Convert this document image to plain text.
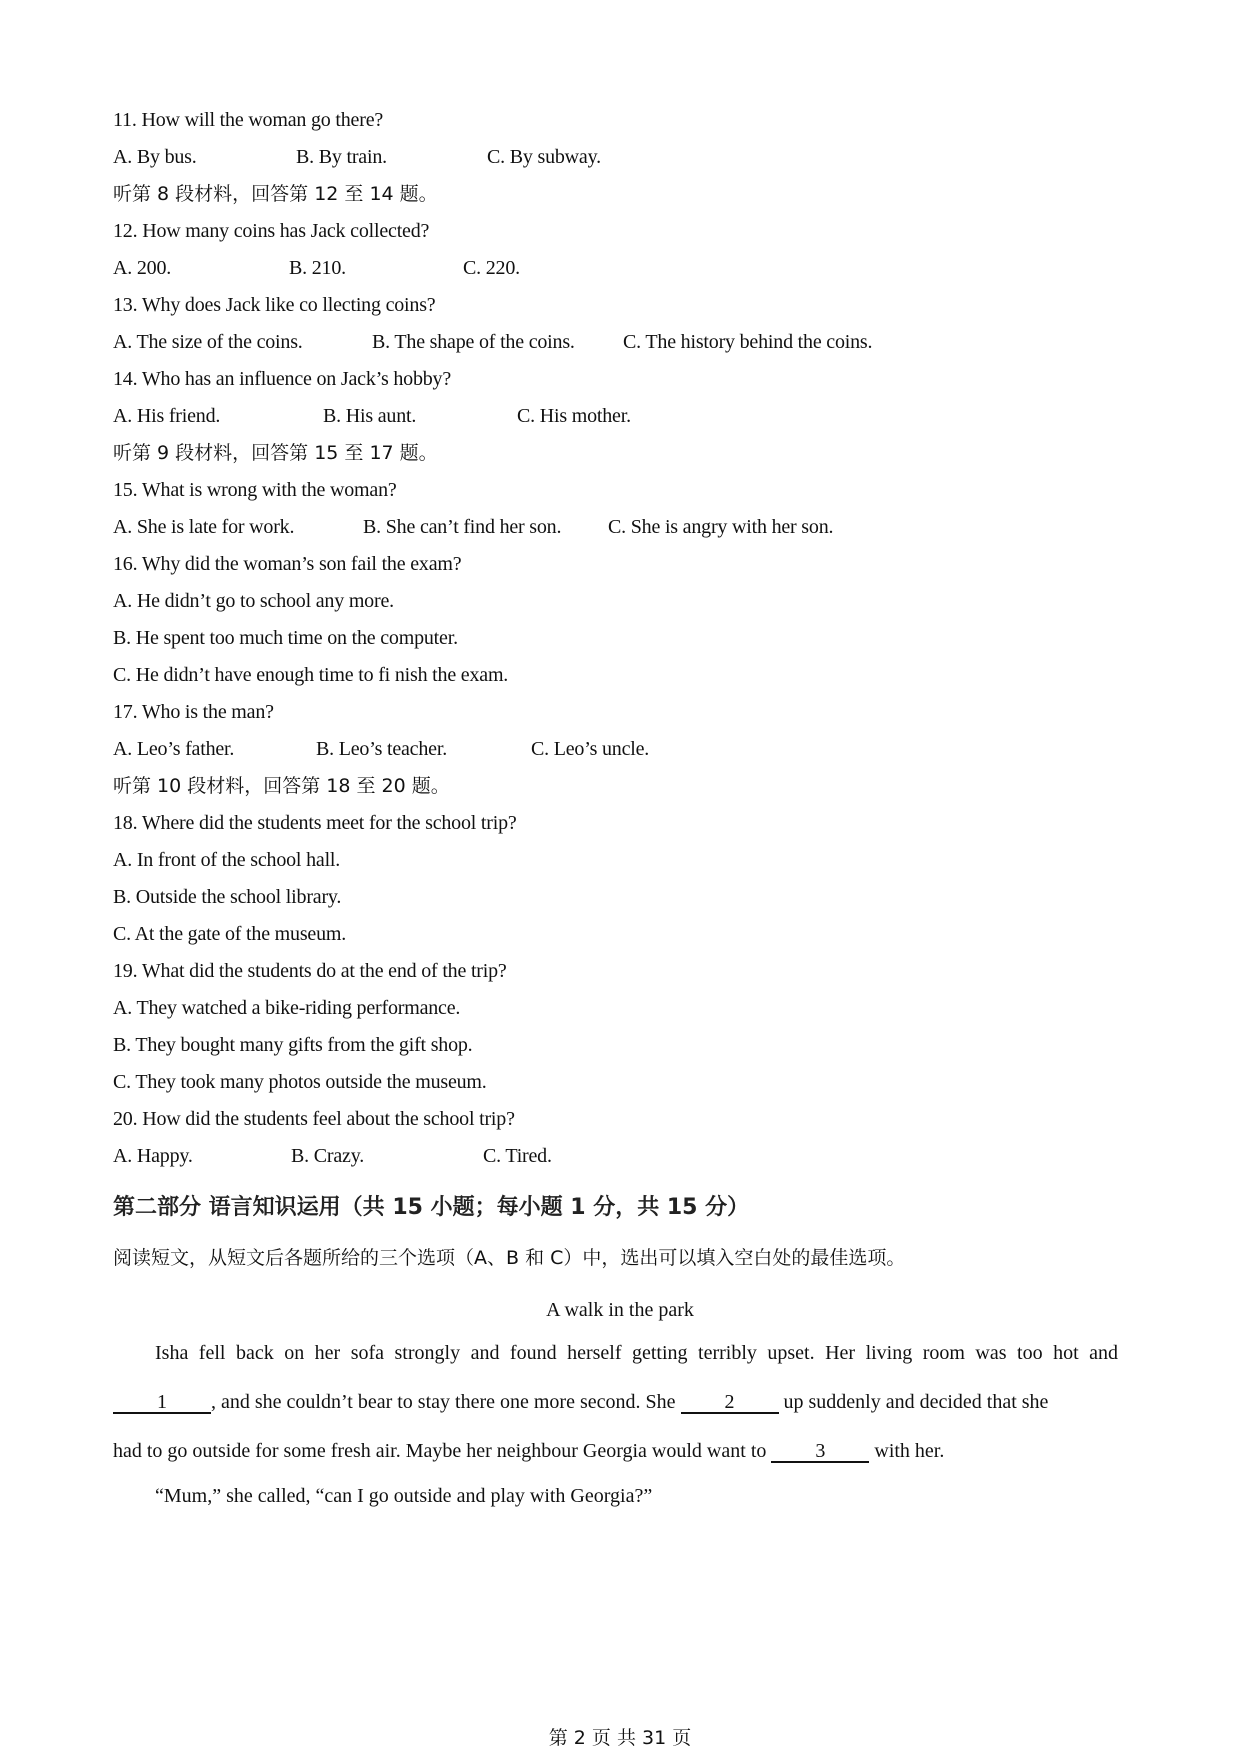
11. How will the woman go there?
A. By bus.	B. By train.	C. By subway.
听第 8 段材料，回答第 12 至 14 题。
12. How many coins has Jack collected?
A. 200.	B. 210.	C. 220.
13. Why does Jack like co llecting coins?
A. The size of the coins.	B. The shape of the coins. C. The history behind the coins.
14. Who has an influence on Jack’s hobby?
A. His friend.	B. His aunt.	C. His mother.
听第 9 段材料，回答第 15 至 17 题。
15. What is wrong with the woman?
A. She is late for work.	B. She can’t find her son. C. She is angry with her son.
16. Why did the woman’s son fail the exam?
A. He didn’t go to school any more.
B. He spent too much time on the computer.
C. He didn’t have enough time to fi nish the exam.
17. Who is the man?
A. Leo’s father.	B. Leo’s teacher.	C. Leo’s uncle.
听第 10 段材料，回答第 18 至 20 题。
18. Where did the students meet for the school trip?
A. In front of the school hall.
B. Outside the school library.
C. At the gate of the museum.
19. What did the students do at the end of the trip?
A. They watched a bike-riding performance.
B. They bought many gifts from the gift shop.
C. They took many photos outside the museum.
20. How did the students feel about the school trip?
A. Happy.	B. Crazy.	C. Tired.
第二部分 语言知识运用（共 15 小题；每小题 1 分，共 15 分）
阅读短文，从短文后各题所给的三个选项（A、B 和 C）中，选出可以填入空白处的最佳选项。
A walk in the park
Isha fell back on her sofa strongly and found herself getting terribly upset. Her living room was too hot and
1 , and she couldn’t bear to stay there one more second. She 2 up suddenly and decided that she
had to go outside for some fresh air. Maybe her neighbour Georgia would want to 3 with her.
“Mum,” she called, “can I go outside and play with Georgia?”
第 2 页 共 31 页
